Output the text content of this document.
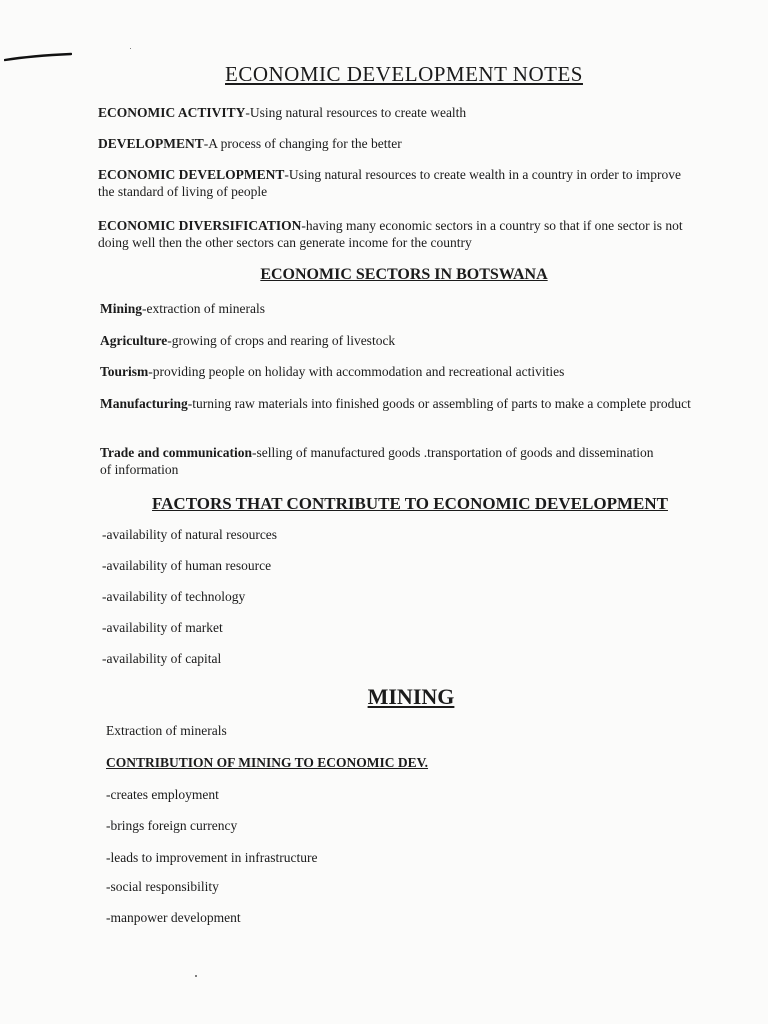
ECONOMIC DEVELOPMENT NOTES
ECONOMIC ACTIVITY-Using natural resources to create wealth
DEVELOPMENT-A process of changing for the better
ECONOMIC DEVELOPMENT-Using natural resources to create wealth in a country in order to improve the standard of living of people
ECONOMIC DIVERSIFICATION-having many economic sectors in a country so that if one sector is not doing well then the other sectors can generate income for the country
ECONOMIC SECTORS IN BOTSWANA
Mining-extraction of minerals
Agriculture-growing of crops and rearing of livestock
Tourism-providing people on holiday with accommodation and recreational activities
Manufacturing-turning raw materials into finished goods or assembling of parts to make a complete product
Trade and communication-selling of manufactured goods .transportation of goods and dissemination of information
FACTORS THAT CONTRIBUTE TO ECONOMIC DEVELOPMENT
-availability of natural resources
-availability of human resource
-availability of technology
-availability of market
-availability of capital
MINING
Extraction of minerals
CONTRIBUTION OF MINING TO ECONOMIC DEV.
-creates employment
-brings foreign currency
-leads to improvement in infrastructure
-social responsibility
-manpower development
